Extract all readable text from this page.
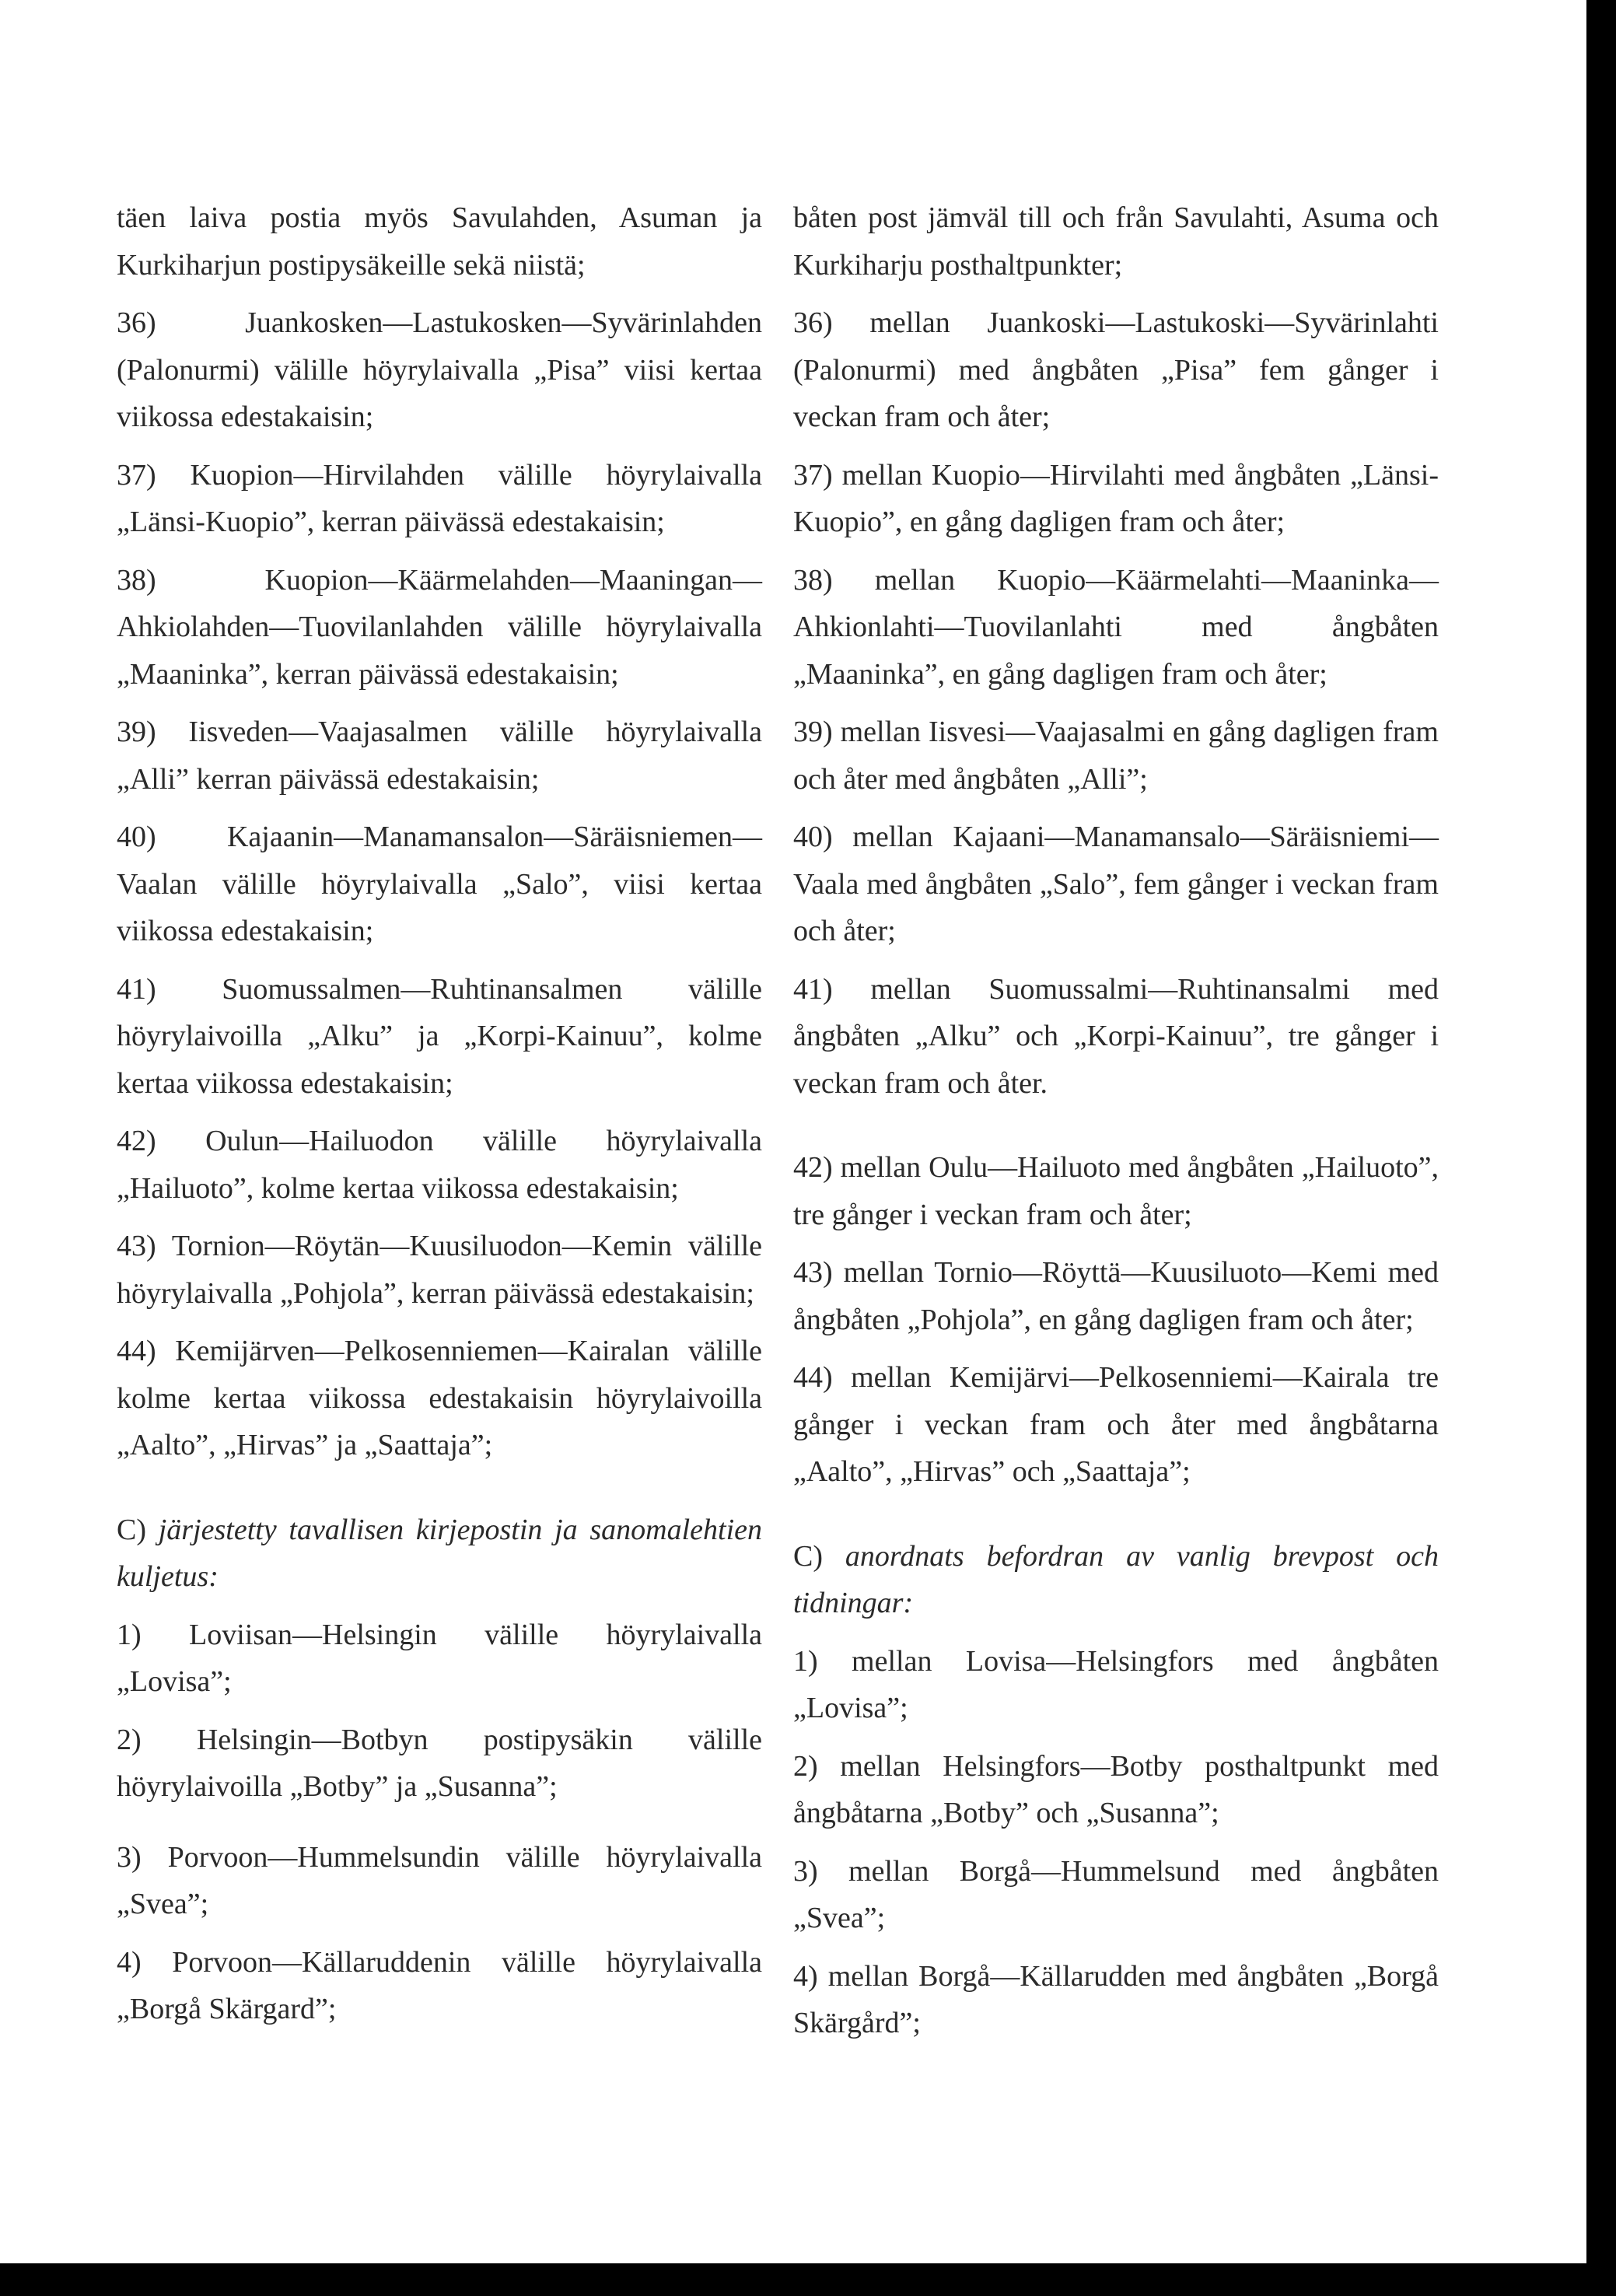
täen laiva postia myös Savulahden, Asuman ja Kurkiharjun postipysäkeille sekä niistä;

36) Juankosken—Lastukosken—Syvärinlahden (Palonurmi) välille höyrylaivalla „Pisa” viisi kertaa viikossa edestakaisin;

37) Kuopion—Hirvilahden välille höyrylaivalla „Länsi-Kuopio”, kerran päivässä edestakaisin;

38) Kuopion—Käärmelahden—Maaningan—Ahkiolahden—Tuovilanlahden välille höyrylaivalla „Maaninka”, kerran päivässä edestakaisin;

39) Iisveden—Vaajasalmen välille höyrylaivalla „Alli” kerran päivässä edestakaisin;

40) Kajaanin—Manamansalon—Säräisniemen—Vaalan välille höyrylaivalla „Salo”, viisi kertaa viikossa edestakaisin;

41) Suomussalmen—Ruhtinansalmen välille höyrylaivoilla „Alku” ja „Korpi-Kainuu”, kolme kertaa viikossa edestakaisin;

42) Oulun—Hailuodon välille höyrylaivalla „Hailuoto”, kolme kertaa viikossa edestakaisin;

43) Tornion—Röytän—Kuusiluodon—Kemin välille höyrylaivalla „Pohjola”, kerran päivässä edestakaisin;

44) Kemijärven—Pelkosenniemen—Kairalan välille kolme kertaa viikossa edestakaisin höyrylaivoilla „Aalto”, „Hirvas” ja „Saattaja”;

C) järjestetty tavallisen kirjepostin ja sanomalehtien kuljetus:

1) Loviisan—Helsingin välille höyrylaivalla „Lovisa”;

2) Helsingin—Botbyn postipysäkin välille höyrylaivoilla „Botby” ja „Susanna”;

3) Porvoon—Hummelsundin välille höyrylaivalla „Svea”;

4) Porvoon—Källaruddenin välille höyrylaivalla „Borgå Skärgard”;

båten post jämväl till och från Savulahti, Asuma och Kurkiharju posthaltpunkter;

36) mellan Juankoski—Lastukoski—Syvärinlahti (Palonurmi) med ångbåten „Pisa” fem gånger i veckan fram och åter;

37) mellan Kuopio—Hirvilahti med ångbåten „Länsi-Kuopio”, en gång dagligen fram och åter;

38) mellan Kuopio—Käärmelahti—Maaninka—Ahkionlahti—Tuovilanlahti med ångbåten „Maaninka”, en gång dagligen fram och åter;

39) mellan Iisvesi—Vaajasalmi en gång dagligen fram och åter med ångbåten „Alli”;

40) mellan Kajaani—Manamansalo—Säräisniemi—Vaala med ångbåten „Salo”, fem gånger i veckan fram och åter;

41) mellan Suomussalmi—Ruhtinansalmi med ångbåten „Alku” och „Korpi-Kainuu”, tre gånger i veckan fram och åter.

42) mellan Oulu—Hailuoto med ångbåten „Hailuoto”, tre gånger i veckan fram och åter;

43) mellan Tornio—Röyttä—Kuusiluoto—Kemi med ångbåten „Pohjola”, en gång dagligen fram och åter;

44) mellan Kemijärvi—Pelkosenniemi—Kairala tre gånger i veckan fram och åter med ångbåtarna „Aalto”, „Hirvas” och „Saattaja”;

C) anordnats befordran av vanlig brevpost och tidningar:

1) mellan Lovisa—Helsingfors med ångbåten „Lovisa”;

2) mellan Helsingfors—Botby posthaltpunkt med ångbåtarna „Botby” och „Susanna”;

3) mellan Borgå—Hummelsund med ångbåten „Svea”;

4) mellan Borgå—Källarudden med ångbåten „Borgå Skärgård”;
